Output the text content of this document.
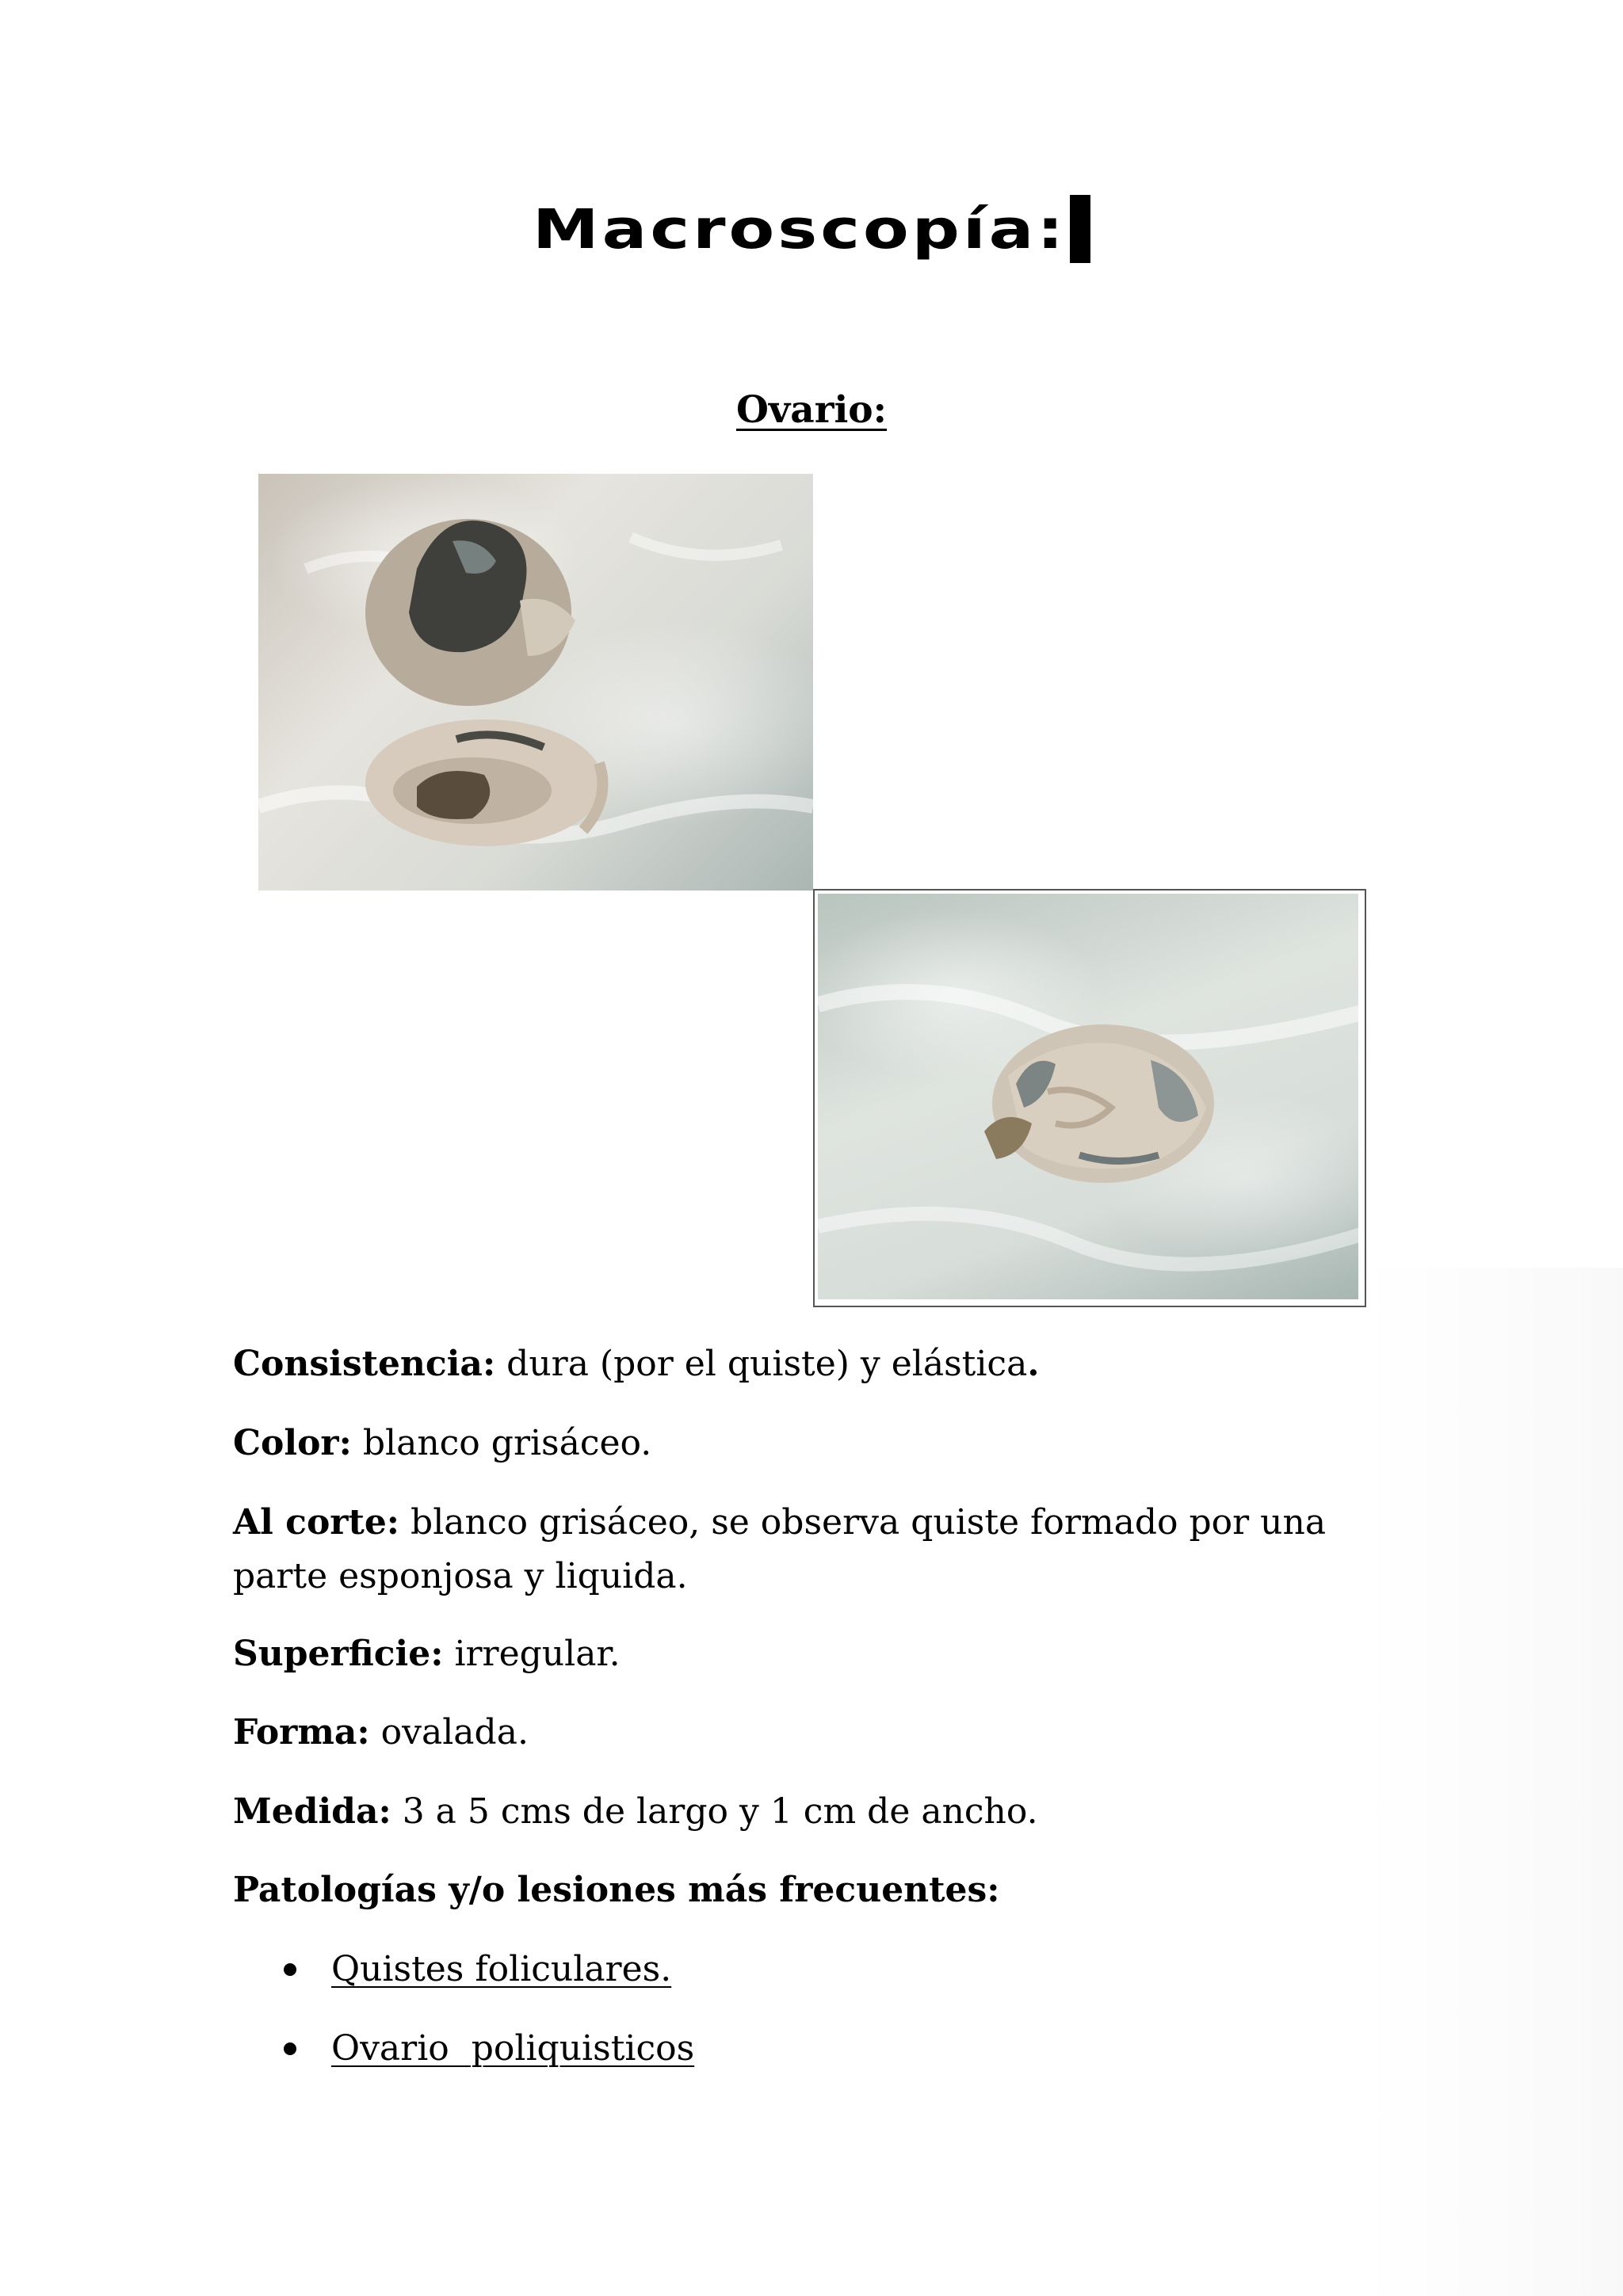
Macroscopía:
Ovario:
Consistencia: dura (por el quiste) y elástica.
Color: blanco grisáceo.
Al corte: blanco grisáceo, se observa quiste formado por una parte esponjosa y liquida.
Superficie: irregular.
Forma: ovalada.
Medida: 3 a 5 cms de largo y 1 cm de ancho.
Patologías y/o lesiones más frecuentes:
Quistes foliculares.
Ovario  poliquisticos
